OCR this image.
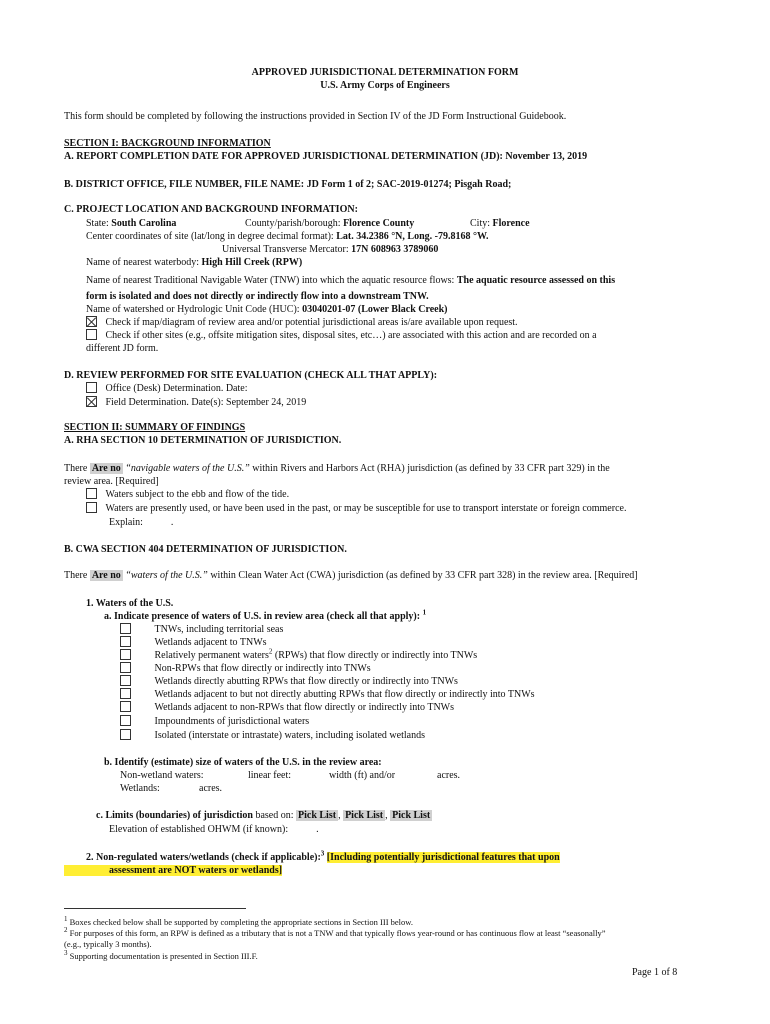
APPROVED JURISDICTIONAL DETERMINATION FORM
U.S. Army Corps of Engineers
This form should be completed by following the instructions provided in Section IV of the JD Form Instructional Guidebook.
SECTION I: BACKGROUND INFORMATION
A. REPORT COMPLETION DATE FOR APPROVED JURISDICTIONAL DETERMINATION (JD): November 13, 2019
B. DISTRICT OFFICE, FILE NUMBER, FILE NAME: JD Form 1 of 2; SAC-2019-01274; Pisgah Road;
C. PROJECT LOCATION AND BACKGROUND INFORMATION:
State: South Carolina	County/parish/borough: Florence County	City: Florence
Center coordinates of site (lat/long in degree decimal format): Lat. 34.2386 °N, Long. -79.8168 °W.
Universal Transverse Mercator: 17N 608963 3789060
Name of nearest waterbody: High Hill Creek (RPW)
Name of nearest Traditional Navigable Water (TNW) into which the aquatic resource flows: The aquatic resource assessed on this
form is isolated and does not directly or indirectly flow into a downstream TNW.
Name of watershed or Hydrologic Unit Code (HUC): 03040201-07 (Lower Black Creek)
Check if map/diagram of review area and/or potential jurisdictional areas is/are available upon request.
Check if other sites (e.g., offsite mitigation sites, disposal sites, etc…) are associated with this action and are recorded on a
different JD form.
D. REVIEW PERFORMED FOR SITE EVALUATION (CHECK ALL THAT APPLY):
Office (Desk) Determination. Date:
Field Determination. Date(s): September 24, 2019
SECTION II: SUMMARY OF FINDINGS
A. RHA SECTION 10 DETERMINATION OF JURISDICTION.
There Are no “navigable waters of the U.S.” within Rivers and Harbors Act (RHA) jurisdiction (as defined by 33 CFR part 329) in the
review area. [Required]
Waters subject to the ebb and flow of the tide.
Waters are presently used, or have been used in the past, or may be susceptible for use to transport interstate or foreign commerce.
Explain:	.
B. CWA SECTION 404 DETERMINATION OF JURISDICTION.
There Are no “waters of the U.S.” within Clean Water Act (CWA) jurisdiction (as defined by 33 CFR part 328) in the review area. [Required]
1. Waters of the U.S.
a. Indicate presence of waters of U.S. in review area (check all that apply): $^1$
TNWs, including territorial seas
Wetlands adjacent to TNWs
Relatively permanent waters$^2$ (RPWs) that flow directly or indirectly into TNWs
Non-RPWs that flow directly or indirectly into TNWs
Wetlands directly abutting RPWs that flow directly or indirectly into TNWs
Wetlands adjacent to but not directly abutting RPWs that flow directly or indirectly into TNWs
Wetlands adjacent to non-RPWs that flow directly or indirectly into TNWs
Impoundments of jurisdictional waters
Isolated (interstate or intrastate) waters, including isolated wetlands
b. Identify (estimate) size of waters of the U.S. in the review area:
Non-wetland waters:	linear feet:	width (ft) and/or	acres.
Wetlands:	acres.
c. Limits (boundaries) of jurisdiction based on: Pick List , Pick List , Pick List
Elevation of established OHWM (if known):	.
2. Non-regulated waters/wetlands (check if applicable):$^3$ [Including potentially jurisdictional features that upon
assessment are NOT waters or wetlands]
$^1$ Boxes checked below shall be supported by completing the appropriate sections in Section III below.
$^2$ For purposes of this form, an RPW is defined as a tributary that is not a TNW and that typically flows year-round or has continuous flow at least “seasonally”
(e.g., typically 3 months).
$^3$ Supporting documentation is presented in Section III.F.
Page 1 of 8
